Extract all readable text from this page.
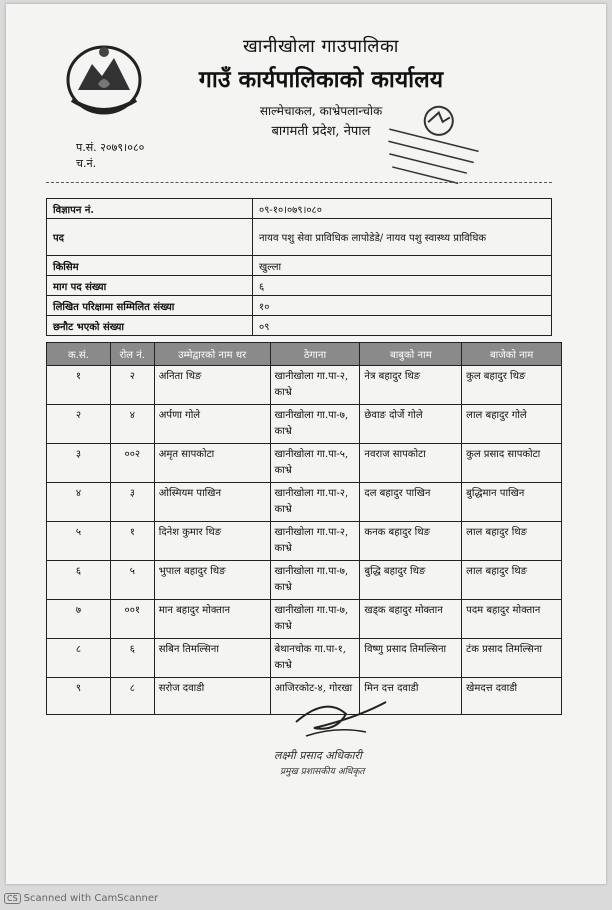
खानीखोला गाउपालिका
गाउँ कार्यपालिकाको कार्यालय
साल्मेचाकल, काभ्रेपलान्चोक
बागमती प्रदेश, नेपाल
प.सं. २०७९।०८०
च.नं.
विज्ञापन नं.	०९-१०।०७९।०८०
पद	नायव पशु सेवा प्राविधिक लापोडेडे/ नायव पशु स्वास्थ्य प्राविधिक
किसिम	खुल्ला
माग पद संख्या	६
लिखित परिक्षामा सम्मिलित संख्या	१०
छनौट भएको संख्या	०९
क.सं.	रोल नं.	उम्मेद्वारको नाम थर	ठेगाना	बाबुको नाम	बाजेको नाम
१	२	अनिता थिङ	खानीखोला गा.पा-२, काभ्रे	नेत्र बहादुर थिङ	कुल बहादुर थिङ
२	४	अर्पणा गोले	खानीखोला गा.पा-७, काभ्रे	छेवाङ दोर्जे गोले	लाल बहादुर गोले
३	००२	अमृत सापकोटा	खानीखोला गा.पा-५, काभ्रे	नवराज सापकोटा	कुल प्रसाद सापकोटा
४	३	ओस्मियम पाखिन	खानीखोला गा.पा-२, काभ्रे	दल बहादुर पाखिन	बुद्धिमान पाखिन
५	१	दिनेश कुमार थिङ	खानीखोला गा.पा-२, काभ्रे	कनक बहादुर थिङ	लाल बहादुर थिङ
६	५	भुपाल बहादुर थिङ	खानीखोला गा.पा-७, काभ्रे	बुद्धि बहादुर थिङ	लाल बहादुर थिङ
७	००१	मान बहादुर मोक्तान	खानीखोला गा.पा-७, काभ्रे	खड्क बहादुर मोक्तान	पदम बहादुर मोक्तान
८	६	सबिन तिमल्सिना	बेथानचोक गा.पा-१, काभ्रे	विष्णु प्रसाद तिमल्सिना	टंक प्रसाद तिमल्सिना
९	८	सरोज दवाडी	आजिरकोट-४, गोरखा	मिन दत्त दवाडी	खेमदत्त दवाडी
लक्ष्मी प्रसाद अधिकारी
प्रमुख प्रशासकीय अधिकृत
CS Scanned with CamScanner
